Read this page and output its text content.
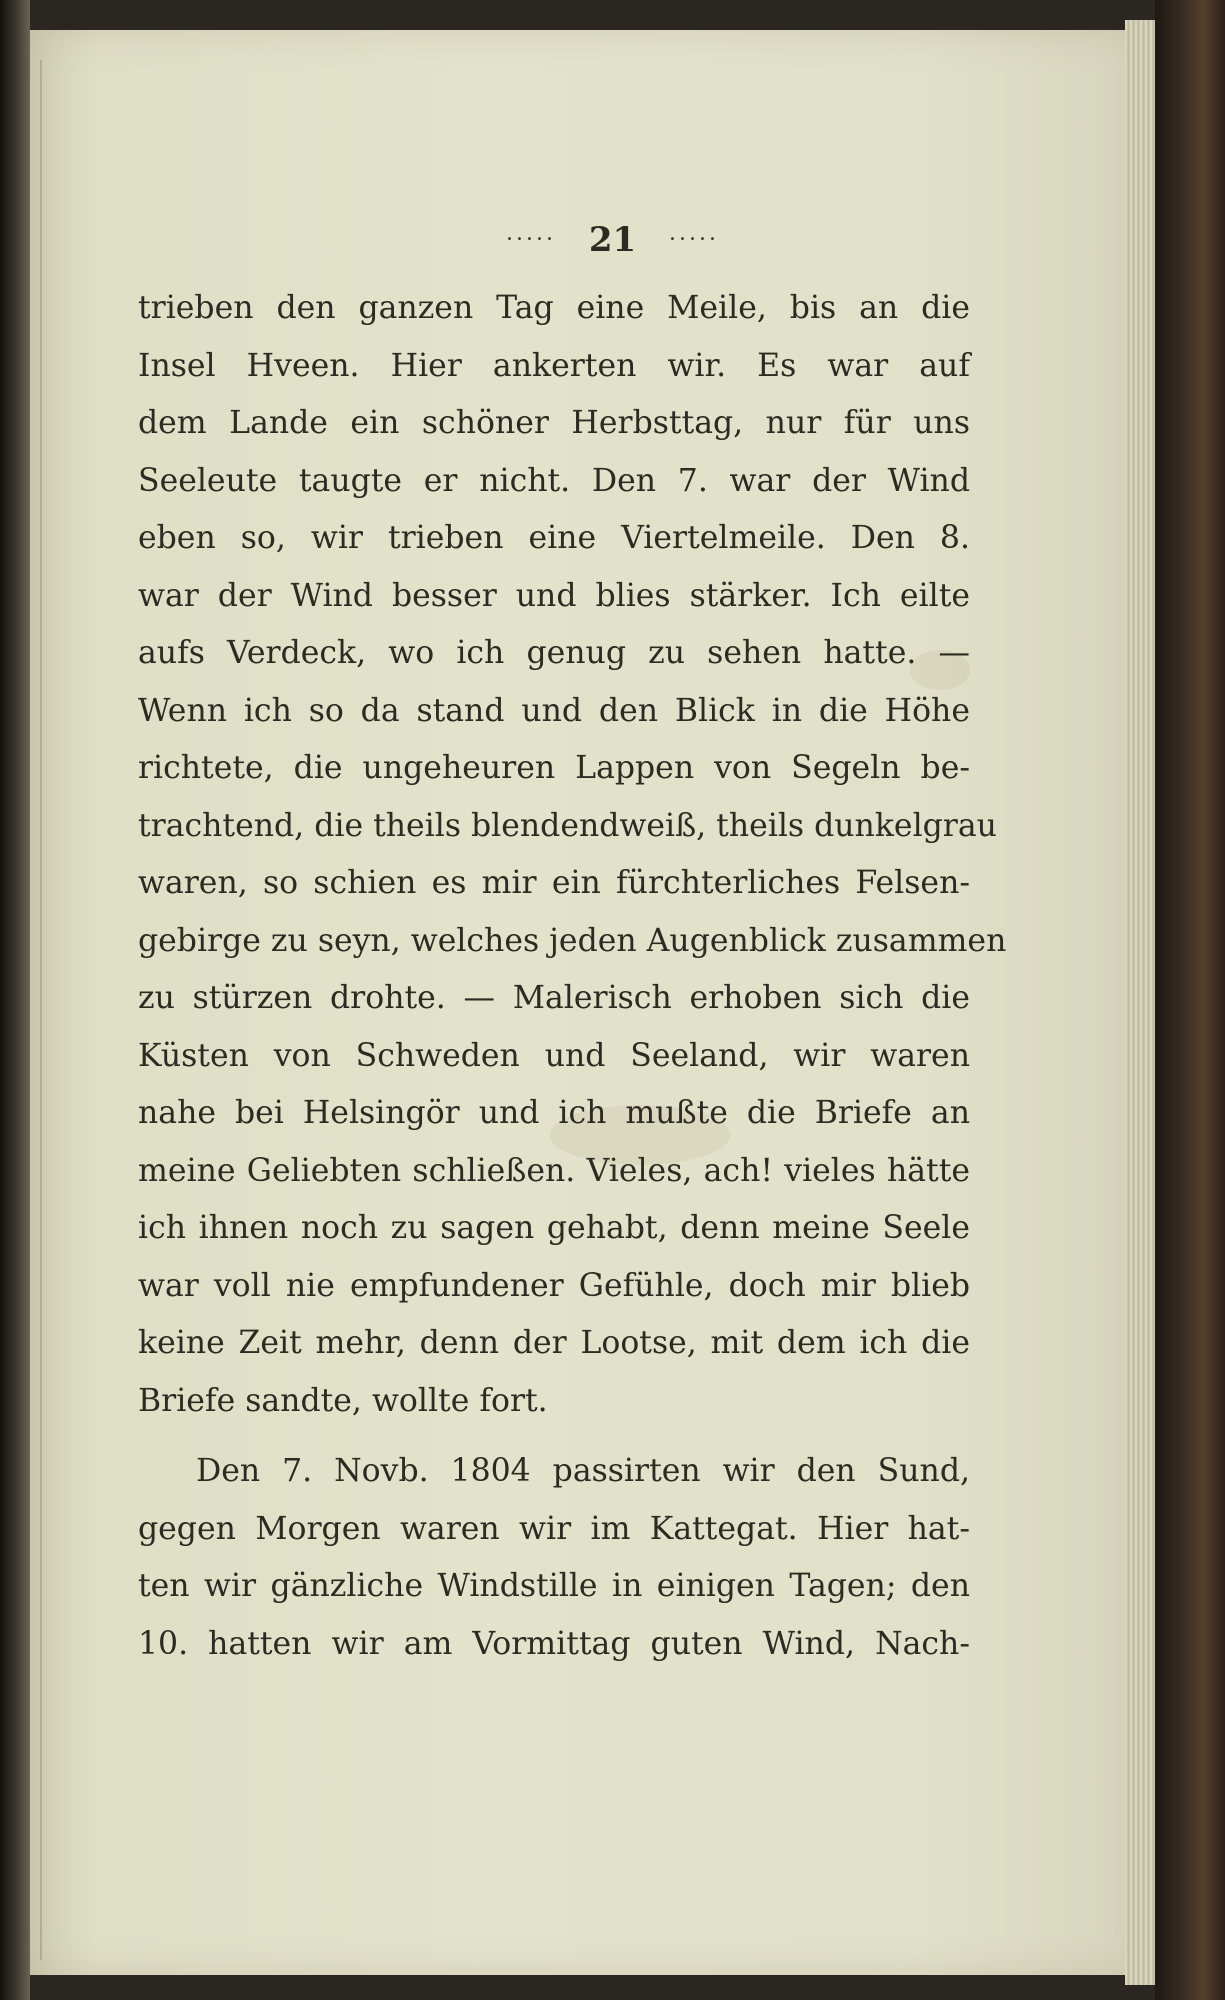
····· 21 ·····
trieben den ganzen Tag eine Meile, bis an die
Insel Hveen. Hier ankerten wir. Es war auf
dem Lande ein schöner Herbsttag, nur für uns
Seeleute taugte er nicht. Den 7. war der Wind
eben so, wir trieben eine Viertelmeile. Den 8.
war der Wind besser und blies stärker. Ich eilte
aufs Verdeck, wo ich genug zu sehen hatte. —
Wenn ich so da stand und den Blick in die Höhe
richtete, die ungeheuren Lappen von Segeln be-
trachtend, die theils blendendweiß, theils dunkelgrau
waren, so schien es mir ein fürchterliches Felsen-
gebirge zu seyn, welches jeden Augenblick zusammen
zu stürzen drohte. — Malerisch erhoben sich die
Küsten von Schweden und Seeland, wir waren
nahe bei Helsingör und ich mußte die Briefe an
meine Geliebten schließen. Vieles, ach! vieles hätte
ich ihnen noch zu sagen gehabt, denn meine Seele
war voll nie empfundener Gefühle, doch mir blieb
keine Zeit mehr, denn der Lootse, mit dem ich die
Briefe sandte, wollte fort.
Den 7. Novb. 1804 passirten wir den Sund,
gegen Morgen waren wir im Kattegat. Hier hat-
ten wir gänzliche Windstille in einigen Tagen; den
10. hatten wir am Vormittag guten Wind, Nach-
